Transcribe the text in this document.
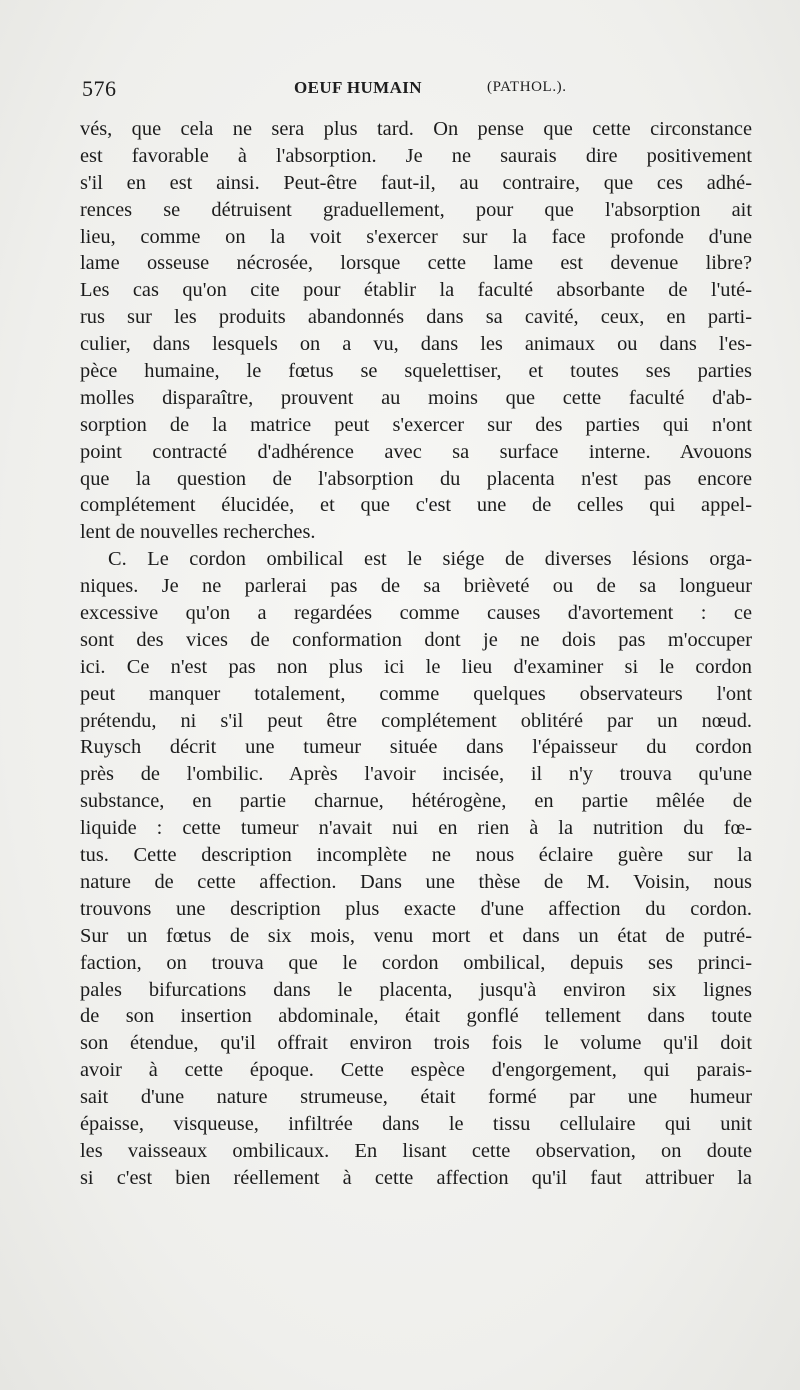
576	OEUF HUMAIN	(PATHOL.).
vés, que cela ne sera plus tard. On pense que cette circonstance
est favorable à l'absorption. Je ne saurais dire positivement
s'il en est ainsi. Peut-être faut-il, au contraire, que ces adhé-
rences se détruisent graduellement, pour que l'absorption ait
lieu, comme on la voit s'exercer sur la face profonde d'une
lame osseuse nécrosée, lorsque cette lame est devenue libre?
Les cas qu'on cite pour établir la faculté absorbante de l'uté-
rus sur les produits abandonnés dans sa cavité, ceux, en parti-
culier, dans lesquels on a vu, dans les animaux ou dans l'es-
pèce humaine, le fœtus se squelettiser, et toutes ses parties
molles disparaître, prouvent au moins que cette faculté d'ab-
sorption de la matrice peut s'exercer sur des parties qui n'ont
point contracté d'adhérence avec sa surface interne. Avouons
que la question de l'absorption du placenta n'est pas encore
complétement élucidée, et que c'est une de celles qui appel-
lent de nouvelles recherches.
C. Le cordon ombilical est le siége de diverses lésions orga-
niques. Je ne parlerai pas de sa brièveté ou de sa longueur
excessive qu'on a regardées comme causes d'avortement : ce
sont des vices de conformation dont je ne dois pas m'occuper
ici. Ce n'est pas non plus ici le lieu d'examiner si le cordon
peut manquer totalement, comme quelques observateurs l'ont
prétendu, ni s'il peut être complétement oblitéré par un nœud.
Ruysch décrit une tumeur située dans l'épaisseur du cordon
près de l'ombilic. Après l'avoir incisée, il n'y trouva qu'une
substance, en partie charnue, hétérogène, en partie mêlée de
liquide : cette tumeur n'avait nui en rien à la nutrition du fœ-
tus. Cette description incomplète ne nous éclaire guère sur la
nature de cette affection. Dans une thèse de M. Voisin, nous
trouvons une description plus exacte d'une affection du cordon.
Sur un fœtus de six mois, venu mort et dans un état de putré-
faction, on trouva que le cordon ombilical, depuis ses princi-
pales bifurcations dans le placenta, jusqu'à environ six lignes
de son insertion abdominale, était gonflé tellement dans toute
son étendue, qu'il offrait environ trois fois le volume qu'il doit
avoir à cette époque. Cette espèce d'engorgement, qui parais-
sait d'une nature strumeuse, était formé par une humeur
épaisse, visqueuse, infiltrée dans le tissu cellulaire qui unit
les vaisseaux ombilicaux. En lisant cette observation, on doute
si c'est bien réellement à cette affection qu'il faut attribuer la
